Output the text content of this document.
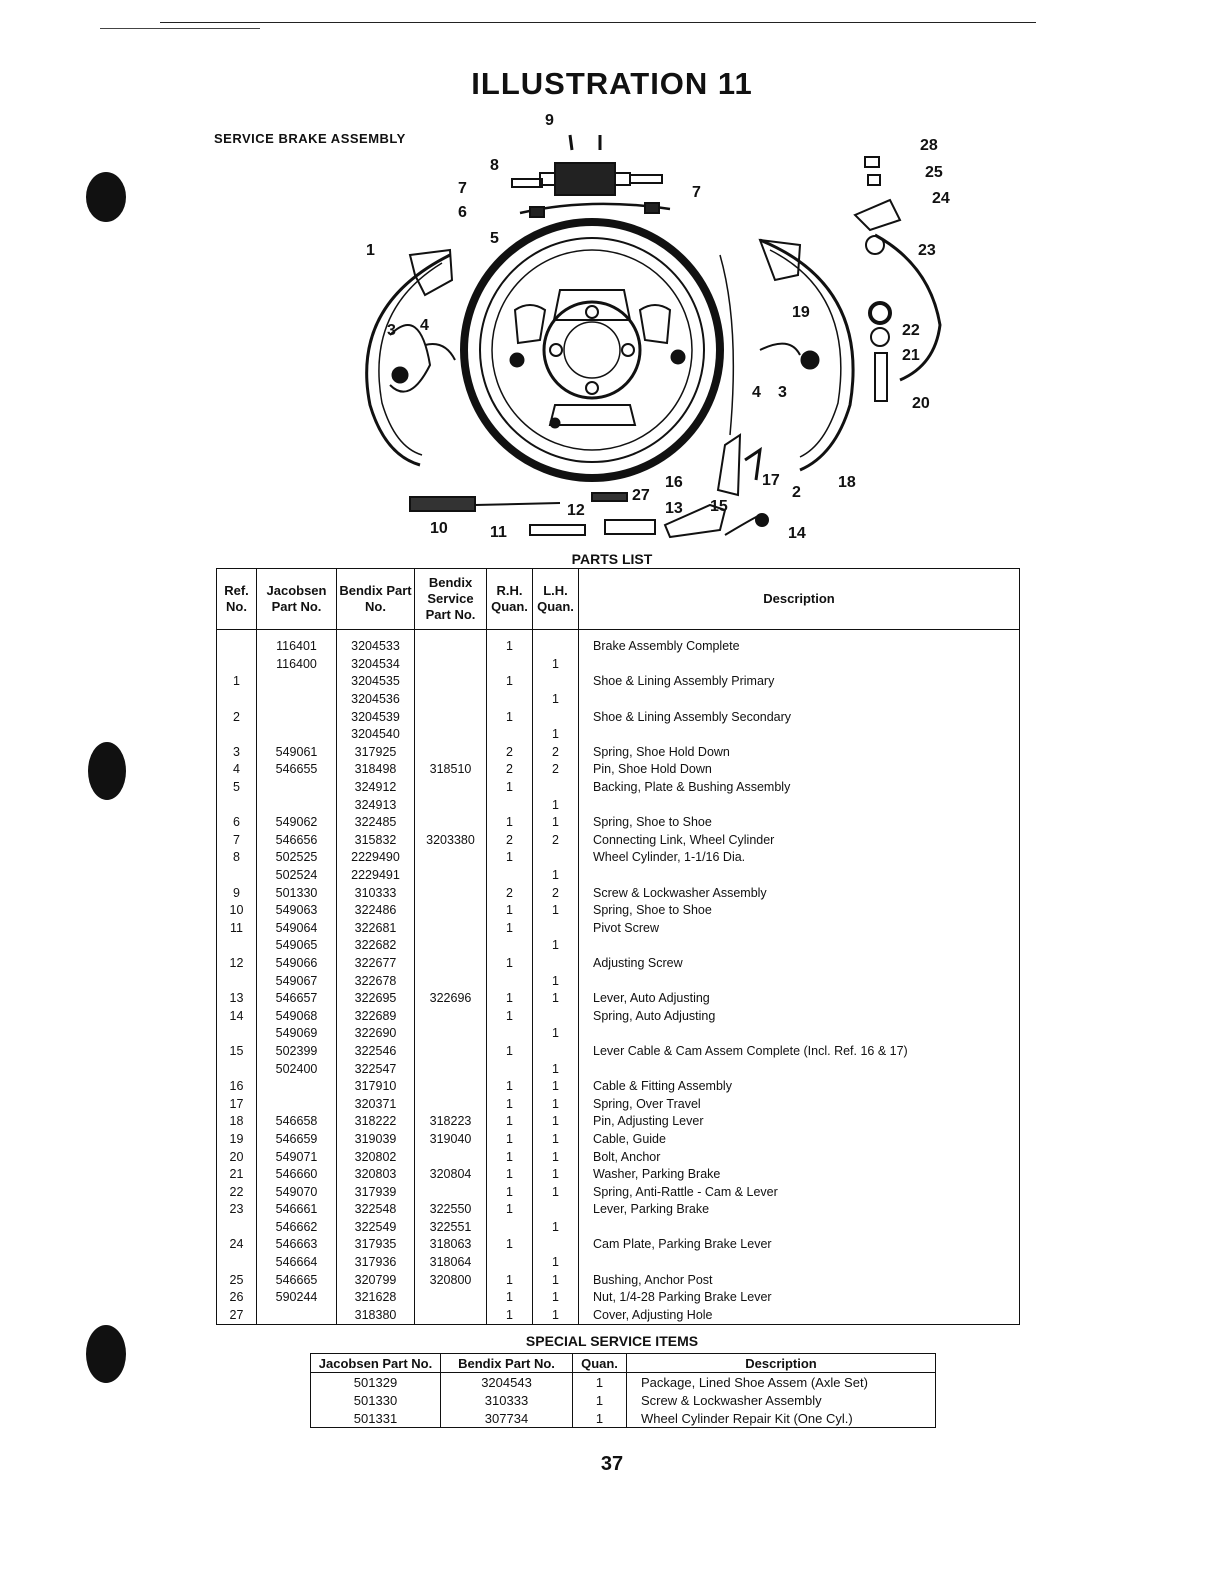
ILLUSTRATION 11
SERVICE BRAKE ASSEMBLY
9
28
8	25
7	7	24
6
5
23
1
19
22
3 4
21
4 3
20
17	18
16
2
27
12	13 15
10	11	14
PARTS LIST
Ref. No.	Jacobsen Part No.	Bendix Part No.	Bendix Service Part No.	R.H. Quan.	L.H. Quan.	Description
	116401	3204533		1		Brake Assembly Complete
	116400	3204534			1	
1		3204535		1		Shoe & Lining Assembly Primary
		3204536			1	
2		3204539		1		Shoe & Lining Assembly Secondary
		3204540			1	
3	549061	317925		2	2	Spring, Shoe Hold Down
4	546655	318498	318510	2	2	Pin, Shoe Hold Down
5		324912		1		Backing, Plate & Bushing Assembly
		324913			1	
6	549062	322485		1	1	Spring, Shoe to Shoe
7	546656	315832	3203380	2	2	Connecting Link, Wheel Cylinder
8	502525	2229490		1		Wheel Cylinder, 1-1/16 Dia.
	502524	2229491			1	
9	501330	310333		2	2	Screw & Lockwasher Assembly
10	549063	322486		1	1	Spring, Shoe to Shoe
11	549064	322681		1		Pivot Screw
	549065	322682			1	
12	549066	322677		1		Adjusting Screw
	549067	322678			1	
13	546657	322695	322696	1	1	Lever, Auto Adjusting
14	549068	322689		1		Spring, Auto Adjusting
	549069	322690			1	
15	502399	322546		1		Lever Cable & Cam Assem Complete (Incl. Ref. 16 & 17)
	502400	322547			1	
16		317910		1	1	Cable & Fitting Assembly
17		320371		1	1	Spring, Over Travel
18	546658	318222	318223	1	1	Pin, Adjusting Lever
19	546659	319039	319040	1	1	Cable, Guide
20	549071	320802		1	1	Bolt, Anchor
21	546660	320803	320804	1	1	Washer, Parking Brake
22	549070	317939		1	1	Spring, Anti-Rattle - Cam & Lever
23	546661	322548	322550	1		Lever, Parking Brake
	546662	322549	322551		1	
24	546663	317935	318063	1		Cam Plate, Parking Brake Lever
	546664	317936	318064		1	
25	546665	320799	320800	1	1	Bushing, Anchor Post
26	590244	321628		1	1	Nut, 1/4-28 Parking Brake Lever
27		318380		1	1	Cover, Adjusting Hole
SPECIAL SERVICE ITEMS
Jacobsen Part No.	Bendix Part No.	Quan.	Description
501329	3204543	1	Package, Lined Shoe Assem (Axle Set)
501330	310333	1	Screw & Lockwasher Assembly
501331	307734	1	Wheel Cylinder Repair Kit (One Cyl.)
37
